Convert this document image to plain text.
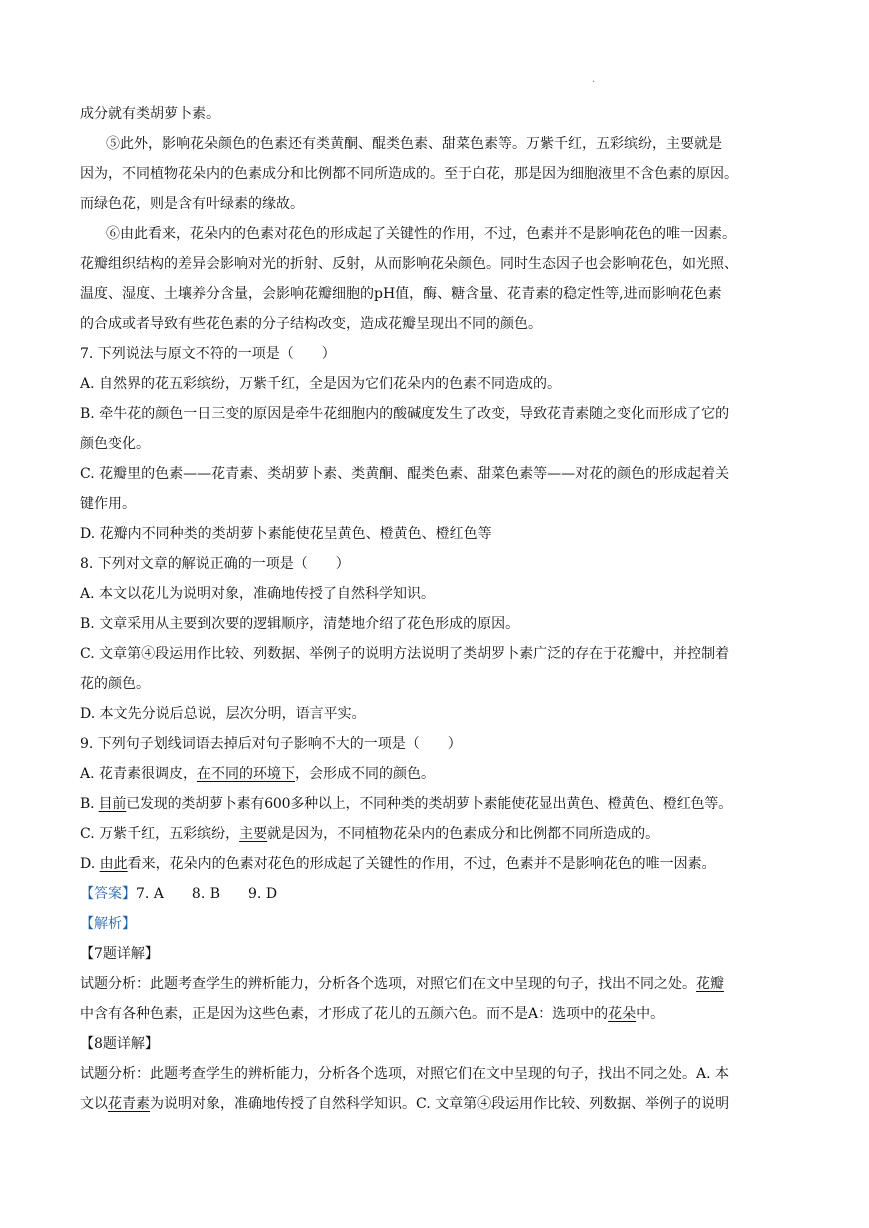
.
成分就有类胡萝卜素。
⑤此外，影响花朵颜色的色素还有类黄酮、醌类色素、甜菜色素等。万紫千红，五彩缤纷，主要就是
因为，不同植物花朵内的色素成分和比例都不同所造成的。至于白花，那是因为细胞液里不含色素的原因。
而绿色花，则是含有叶绿素的缘故。
⑥由此看来，花朵内的色素对花色的形成起了关键性的作用，不过，色素并不是影响花色的唯一因素。
花瓣组织结构的差异会影响对光的折射、反射，从而影响花朵颜色。同时生态因子也会影响花色，如光照、
温度、湿度、土壤养分含量，会影响花瓣细胞的pH值，酶、糖含量、花青素的稳定性等,进而影响花色素
的合成或者导致有些花色素的分子结构改变，造成花瓣呈现出不同的颜色。
7. 下列说法与原文不符的一项是（　　）
A. 自然界的花五彩缤纷，万紫千红，全是因为它们花朵内的色素不同造成的。
B. 牵牛花的颜色一日三变的原因是牵牛花细胞内的酸碱度发生了改变，导致花青素随之变化而形成了它的
颜色变化。
C. 花瓣里的色素——花青素、类胡萝卜素、类黄酮、醌类色素、甜菜色素等——对花的颜色的形成起着关
键作用。
D. 花瓣内不同种类的类胡萝卜素能使花呈黄色、橙黄色、橙红色等
8. 下列对文章的解说正确的一项是（　　）
A. 本文以花儿为说明对象，准确地传授了自然科学知识。
B. 文章采用从主要到次要的逻辑顺序，清楚地介绍了花色形成的原因。
C. 文章第④段运用作比较、列数据、举例子的说明方法说明了类胡罗卜素广泛的存在于花瓣中，并控制着
花的颜色。
D. 本文先分说后总说，层次分明，语言平实。
9. 下列句子划线词语去掉后对句子影响不大的一项是（　　）
A. 花青素很调皮，在不同的环境下，会形成不同的颜色。
B. 目前已发现的类胡萝卜素有600多种以上，不同种类的类胡萝卜素能使花显出黄色、橙黄色、橙红色等。
C. 万紫千红，五彩缤纷，主要就是因为，不同植物花朵内的色素成分和比例都不同所造成的。
D. 由此看来，花朵内的色素对花色的形成起了关键性的作用，不过，色素并不是影响花色的唯一因素。
【答案】7. A　　8. B　　9. D
【解析】
【7题详解】
试题分析：此题考查学生的辨析能力，分析各个选项，对照它们在文中呈现的句子，找出不同之处。花瓣
中含有各种色素，正是因为这些色素，才形成了花儿的五颜六色。而不是A：选项中的花朵中。
【8题详解】
试题分析：此题考查学生的辨析能力，分析各个选项，对照它们在文中呈现的句子，找出不同之处。A. 本
文以花青素为说明对象，准确地传授了自然科学知识。C. 文章第④段运用作比较、列数据、举例子的说明
